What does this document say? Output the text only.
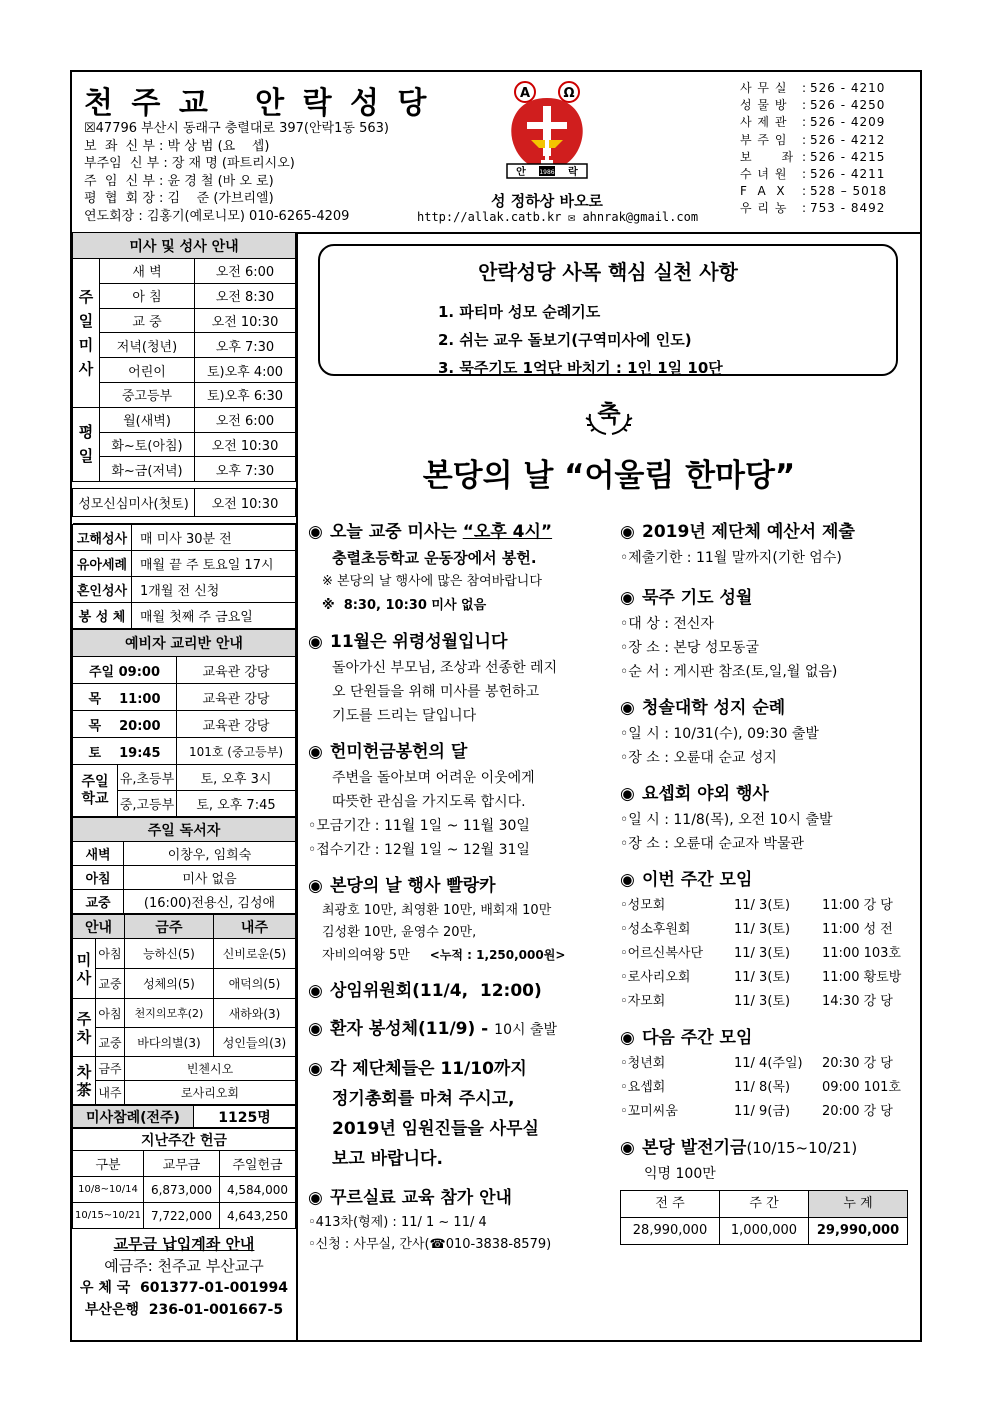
천 주 교   안 락 성 당
☒47796 부산시 동래구 충렬대로 397(안락1동 563)
보  좌  신 부 : 박 상 범 (요    셉)
부주임  신 부 : 장 재 명 (파트리시오)
주  임  신 부 : 윤 경 철 (바 오 로)
평  협  회 장 : 김    준 (가브리엘)
연도회장 : 김홍기(예로니모) 010-6265-4209
A	Ω
안	락
1986
성 정하상 바오로
http://allak.catb.kr ✉ ahnrak@gmail.com
사 무 실	: 526 - 4210
성 물 방	: 526 - 4250
사 제 관	: 526 - 4209
부 주 임	: 526 - 4212
보      좌 : 526 - 4215
수 녀 원	: 526 - 4211
F  A  X	: 528 – 5018
우 리 농	: 753 - 8492
미사 및 성사 안내		
주
일
미
사	새 벽	오전 6:00
	아 침	오전 8:30
	교 중	오전 10:30
	저녁(청년)	오후 7:30
	어린이	토)오후 4:00
	중고등부	토)오후 6:30
평
일	월(새벽)	오전 6:00
	화~토(아침)	오전 10:30
	화~금(저녁)	오후 7:30

성모신심미사(첫토)		오전 10:30

고해성사	매 미사 30분 전
유아세례	매월 끝 주 토요일 17시
혼인성사	1개월 전 신청
봉 성 체	매월 첫째 주 금요일
예비자 교리반 안내		
주일 09:00		교육관 강당
목    11:00		교육관 강당
목    20:00		교육관 강당
토    19:45		101호 (중고등부)
주일
학교	유,초등부	토, 오후 3시
	중,고등부	토, 오후 7:45
주일 독서자	
새벽	이창우, 임희숙
아침	미사 없음
교중	(16:00)전용신, 김성애
안내		금주	내주
미
사	아침	능하신(5)	신비로운(5)
	교중	성체의(5)	애덕의(5)
주
차	아침	천지의모후(2)	새하와(3)
	교중	바다의별(3)	성인들의(3)
차
茶	금주	빈첸시오	
	내주	로사리오회	
미사참례(전주)	1125명
지난주간 헌금		
구분	교무금	주일헌금
10/8~10/14	6,873,000	4,584,000
10/15~10/21	7,722,000	4,643,250
교무금 납입계좌 안내
예금주: 천주교 부산교구
우 체 국  601377-01-001994
부산은행  236-01-001667-5
안락성당 사목 핵심 실천 사항
1. 파티마 성모 순례기도
2. 쉬는 교우 돌보기(구역미사에 인도)
3. 묵주기도 1억단 바치기 : 1인 1일 10단
축
본당의 날 “어울림 한마당”
◉ 오늘 교중 미사는 “오후 4시”
충렬초등학교 운동장에서 봉헌.
※ 본당의 날 행사에 많은 참여바랍니다
※  8:30, 10:30 미사 없음
◉ 11월은 위령성월입니다
돌아가신 부모님, 조상과 선종한 레지
오 단원들을 위해 미사를 봉헌하고
기도를 드리는 달입니다
◉ 헌미헌금봉헌의 달
주변을 돌아보며 어려운 이웃에게
따뜻한 관심을 가지도록 합시다.
◦모금기간 : 11월 1일 ~ 11월 30일
◦접수기간 : 12월 1일 ~ 12월 31일
◉ 본당의 날 행사 빨랑카
최광호 10만, 최영환 10만, 배회재 10만
김성환 10만, 윤영수 20만,
자비의여왕 5만 <누적 : 1,250,000원>
◉ 상임위원회(11/4,  12:00)
◉ 환자 봉성체(11/9) - 10시 출발
◉ 각 제단체들은 11/10까지
정기총회를 마쳐 주시고,
2019년 임원진들을 사무실
보고 바랍니다.
◉ 꾸르실료 교육 참가 안내
◦413차(형제) : 11/ 1 ~ 11/ 4
◦신청 : 사무실, 간사(☎010-3838-8579)
◉ 2019년 제단체 예산서 제출
◦제출기한 : 11월 말까지(기한 엄수)
◉ 묵주 기도 성월
◦대 상 : 전신자
◦장 소 : 본당 성모동굴
◦순 서 : 게시판 참조(토,일,월 없음)
◉ 청솔대학 성지 순례
◦일 시 : 10/31(수), 09:30 출발
◦장 소 : 오륜대 순교 성지
◉ 요셉회 야외 행사
◦일 시 : 11/8(목), 오전 10시 출발
◦장 소 : 오륜대 순교자 박물관
◉ 이번 주간 모임
◦성모회	11/ 3(토)	11:00 강 당
◦성소후원회	11/ 3(토)	11:00 성 전
◦어르신복사단	11/ 3(토)	11:00 103호
◦로사리오회	11/ 3(토)	11:00 황토방
◦자모회	11/ 3(토)	14:30 강 당
◉ 다음 주간 모임
◦청년회	11/ 4(주일)	20:30 강 당
◦요셉회	11/ 8(목)	09:00 101호
◦꼬미씨움	11/ 9(금)	20:00 강 당
◉ 본당 발전기금(10/15~10/21)
익명 100만
전 주	주 간	누 계
28,990,000	1,000,000	29,990,000
